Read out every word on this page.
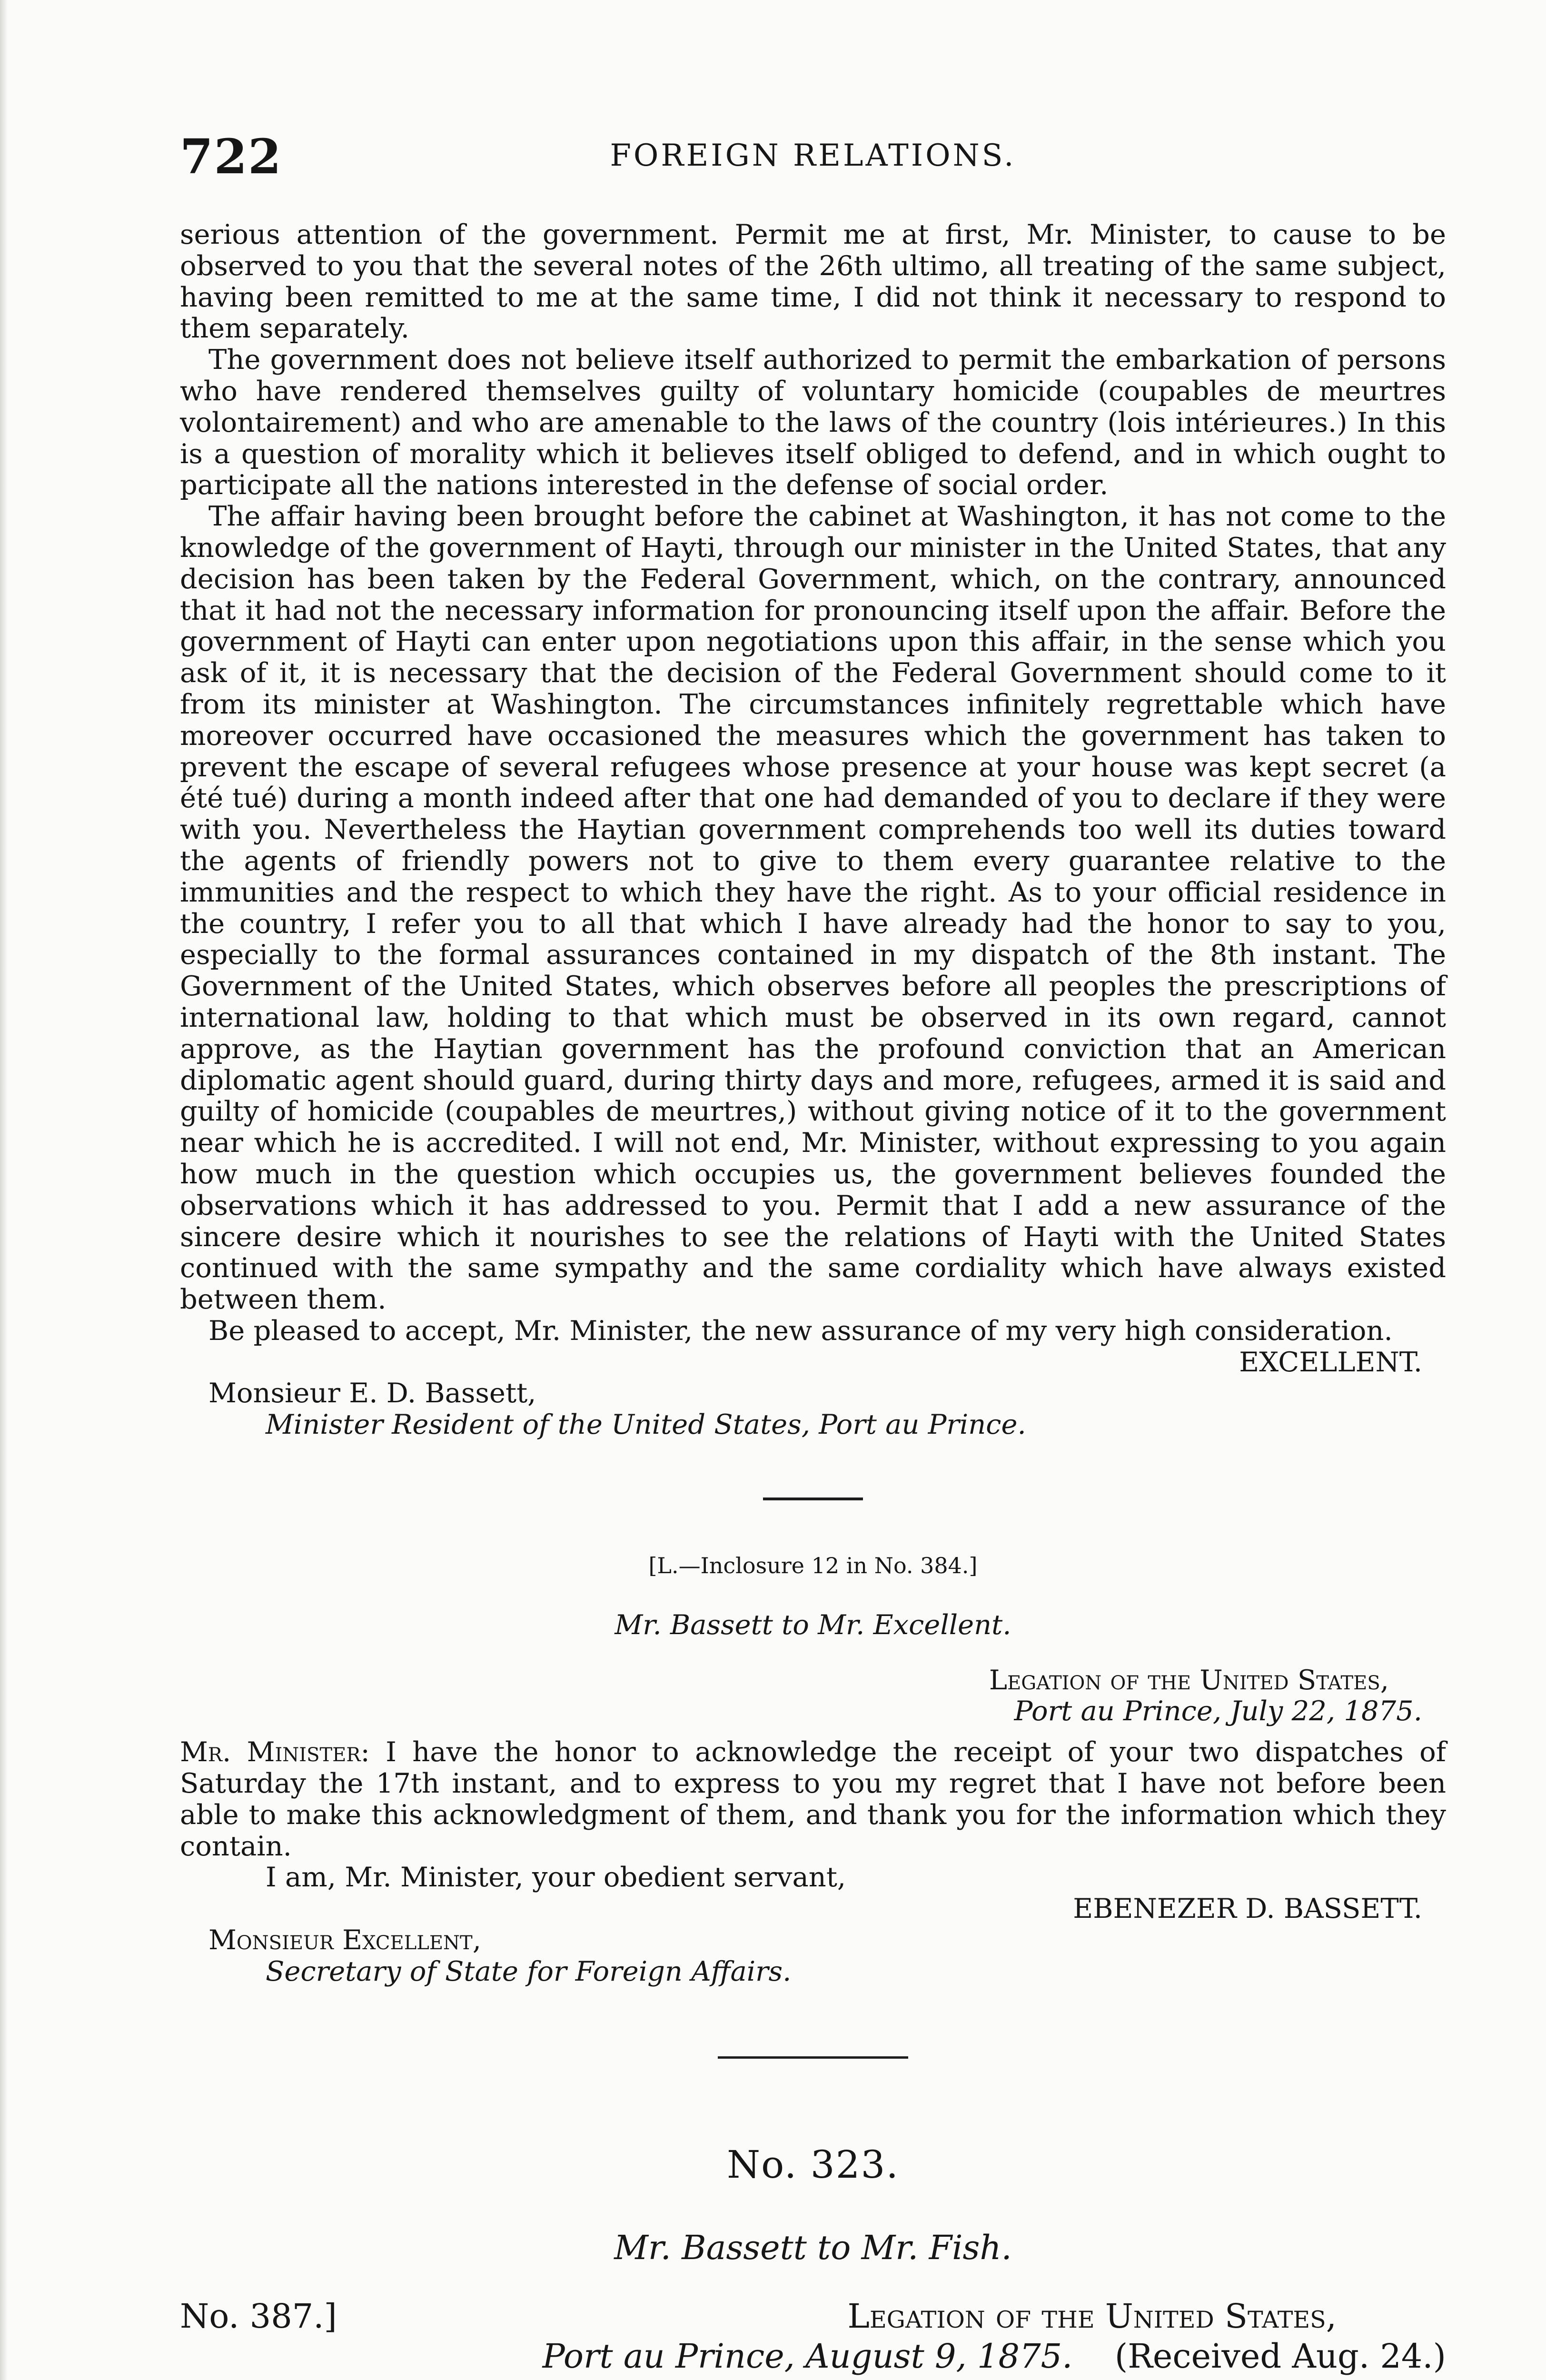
722	FOREIGN RELATIONS.

serious attention of the government. Permit me at first, Mr. Minister, to cause to be observed to you that the several notes of the 26th ultimo, all treating of the same subject, having been remitted to me at the same time, I did not think it necessary to respond to them separately.

The government does not believe itself authorized to permit the embarkation of persons who have rendered themselves guilty of voluntary homicide (coupables de meurtres volontairement) and who are amenable to the laws of the country (lois intérieures.) In this is a question of morality which it believes itself obliged to defend, and in which ought to participate all the nations interested in the defense of social order.

The affair having been brought before the cabinet at Washington, it has not come to the knowledge of the government of Hayti, through our minister in the United States, that any decision has been taken by the Federal Government, which, on the contrary, announced that it had not the necessary information for pronouncing itself upon the affair. Before the government of Hayti can enter upon negotiations upon this affair, in the sense which you ask of it, it is necessary that the decision of the Federal Government should come to it from its minister at Washington. The circumstances infinitely regrettable which have moreover occurred have occasioned the measures which the government has taken to prevent the escape of several refugees whose presence at your house was kept secret (a été tué) during a month indeed after that one had demanded of you to declare if they were with you. Nevertheless the Haytian government comprehends too well its duties toward the agents of friendly powers not to give to them every guarantee relative to the immunities and the respect to which they have the right. As to your official residence in the country, I refer you to all that which I have already had the honor to say to you, especially to the formal assurances contained in my dispatch of the 8th instant. The Government of the United States, which observes before all peoples the prescriptions of international law, holding to that which must be observed in its own regard, cannot approve, as the Haytian government has the profound conviction that an American diplomatic agent should guard, during thirty days and more, refugees, armed it is said and guilty of homicide (coupables de meurtres,) without giving notice of it to the government near which he is accredited. I will not end, Mr. Minister, without expressing to you again how much in the question which occupies us, the government believes founded the observations which it has addressed to you. Permit that I add a new assurance of the sincere desire which it nourishes to see the relations of Hayti with the United States continued with the same sympathy and the same cordiality which have always existed between them.

Be pleased to accept, Mr. Minister, the new assurance of my very high consideration.

EXCELLENT.

Monsieur E. D. Bassett,

Minister Resident of the United States, Port au Prince.

[L.—Inclosure 12 in No. 384.]

Mr. Bassett to Mr. Excellent.

Legation of the United States,

Port au Prince, July 22, 1875.

Mr. Minister: I have the honor to acknowledge the receipt of your two dispatches of Saturday the 17th instant, and to express to you my regret that I have not before been able to make this acknowledgment of them, and thank you for the information which they contain.

I am, Mr. Minister, your obedient servant,

EBENEZER D. BASSETT.

Monsieur Excellent,

Secretary of State for Foreign Affairs.

No. 323.

Mr. Bassett to Mr. Fish.

No. 387.]	Legation of the United States,

Port au Prince, August 9, 1875. (Received Aug. 24.)
